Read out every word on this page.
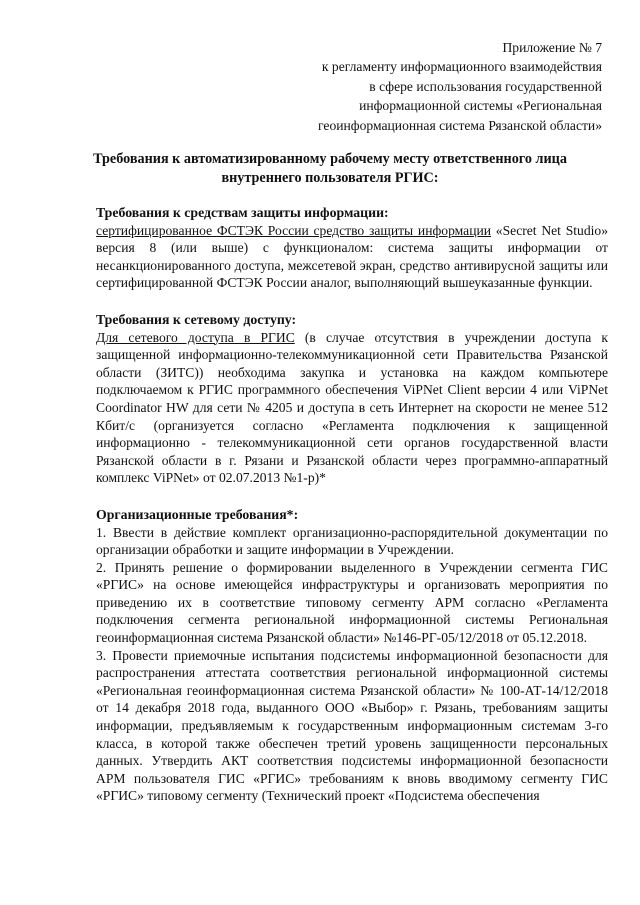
Приложение № 7
к регламенту информационного взаимодействия
в сфере использования государственной
информационной системы «Региональная
геоинформационная система Рязанской области»
Требования к автоматизированному рабочему месту ответственного лица
внутреннего пользователя РГИС:
Требования к средствам защиты информации:

сертифицированное ФСТЭК России средство защиты информации «Secret Net Studio» версия 8 (или выше) с функционалом: система защиты информации от несанкционированного доступа, межсетевой экран, средство антивирусной защиты или сертифицированной ФСТЭК России аналог, выполняющий вышеуказанные функции.

Требования к сетевому доступу:

Для сетевого доступа в РГИС (в случае отсутствия в учреждении доступа к защищенной информационно-телекоммуникационной сети Правительства Рязанской области (ЗИТС)) необходима закупка и установка на каждом компьютере подключаемом к РГИС программного обеспечения ViPNet Client версии 4 или ViPNet Coordinator HW для сети № 4205 и доступа в сеть Интернет на скорости не менее 512 Кбит/с (организуется согласно «Регламента подключения к защищенной информационно - телекоммуникационной сети органов государственной власти Рязанской области в г. Рязани и Рязанской области через программно-аппаратный комплекс ViPNet» от 02.07.2013 №1-р)*

Организационные требования*:

1. Ввести в действие комплект организационно-распорядительной документации по организации обработки и защите информации в Учреждении.

2. Принять решение о формировании выделенного в Учреждении сегмента ГИС «РГИС» на основе имеющейся инфраструктуры и организовать мероприятия по приведению их в соответствие типовому сегменту АРМ согласно «Регламента подключения сегмента региональной информационной системы Региональная геоинформационная система Рязанской области» №146-РГ-05/12/2018 от 05.12.2018.

3. Провести приемочные испытания подсистемы информационной безопасности для распространения аттестата соответствия региональной информационной системы «Региональная геоинформационная система Рязанской области» № 100-АТ-14/12/2018 от 14 декабря 2018 года, выданного ООО «Выбор» г. Рязань, требованиям защиты информации, предъявляемым к государственным информационным системам 3-го класса, в которой также обеспечен третий уровень защищенности персональных данных. Утвердить АКТ соответствия подсистемы информационной безопасности АРМ пользователя ГИС «РГИС» требованиям к вновь вводимому сегменту ГИС «РГИС» типовому сегменту (Технический проект «Подсистема обеспечения
